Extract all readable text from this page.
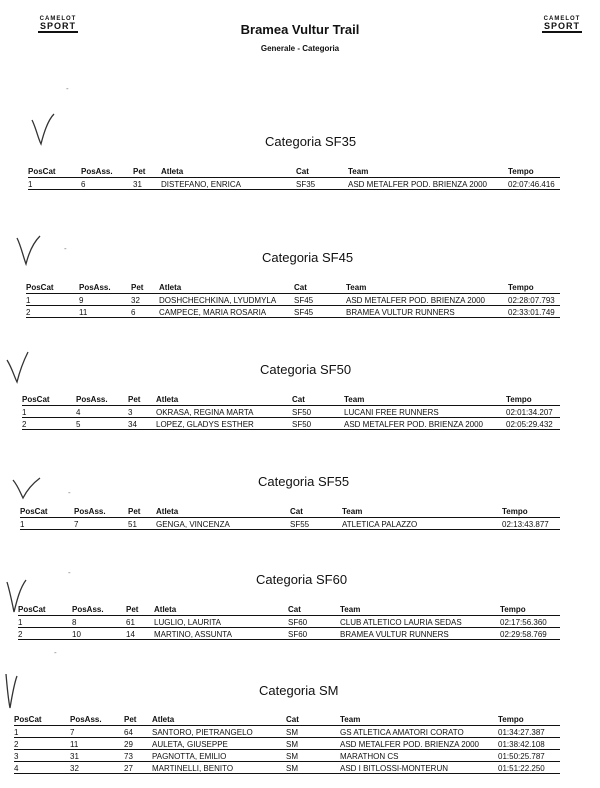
CAMELOT
SPORT
CAMELOT
SPORT
Bramea Vultur Trail
Generale - Categoria
-
-
-
-
-
Categoria SF35
PosCat	PosAss.	Pet	Atleta	Cat	Team	Tempo
1	6	31	DISTEFANO, ENRICA	SF35	ASD METALFER POD. BRIENZA 2000	02:07:46.416
Categoria SF45
PosCat	PosAss.	Pet	Atleta	Cat	Team	Tempo
1	9	32	DOSHCHECHKINA, LYUDMYLA	SF45	ASD METALFER POD. BRIENZA 2000	02:28:07.793
2	11	6	CAMPECE, MARIA ROSARIA	SF45	BRAMEA VULTUR RUNNERS	02:33:01.749
Categoria SF50
PosCat	PosAss.	Pet	Atleta	Cat	Team	Tempo
1	4	3	OKRASA, REGINA MARTA	SF50	LUCANI FREE RUNNERS	02:01:34.207
2	5	34	LOPEZ, GLADYS ESTHER	SF50	ASD METALFER POD. BRIENZA 2000	02:05:29.432
Categoria SF55
PosCat	PosAss.	Pet	Atleta	Cat	Team	Tempo
1	7	51	GENGA, VINCENZA	SF55	ATLETICA PALAZZO	02:13:43.877
Categoria SF60
PosCat	PosAss.	Pet	Atleta	Cat	Team	Tempo
1	8	61	LUGLIO, LAURITA	SF60	CLUB ATLETICO LAURIA SEDAS	02:17:56.360
2	10	14	MARTINO, ASSUNTA	SF60	BRAMEA VULTUR RUNNERS	02:29:58.769
Categoria SM
PosCat	PosAss.	Pet	Atleta	Cat	Team	Tempo
1	7	64	SANTORO, PIETRANGELO	SM	GS ATLETICA AMATORI CORATO	01:34:27.387
2	11	29	AULETA, GIUSEPPE	SM	ASD METALFER POD. BRIENZA 2000	01:38:42.108
3	31	73	PAGNOTTA, EMILIO	SM	MARATHON CS	01:50:25.787
4	32	27	MARTINELLI, BENITO	SM	ASD I BITLOSSI-MONTERUN	01:51:22.250
